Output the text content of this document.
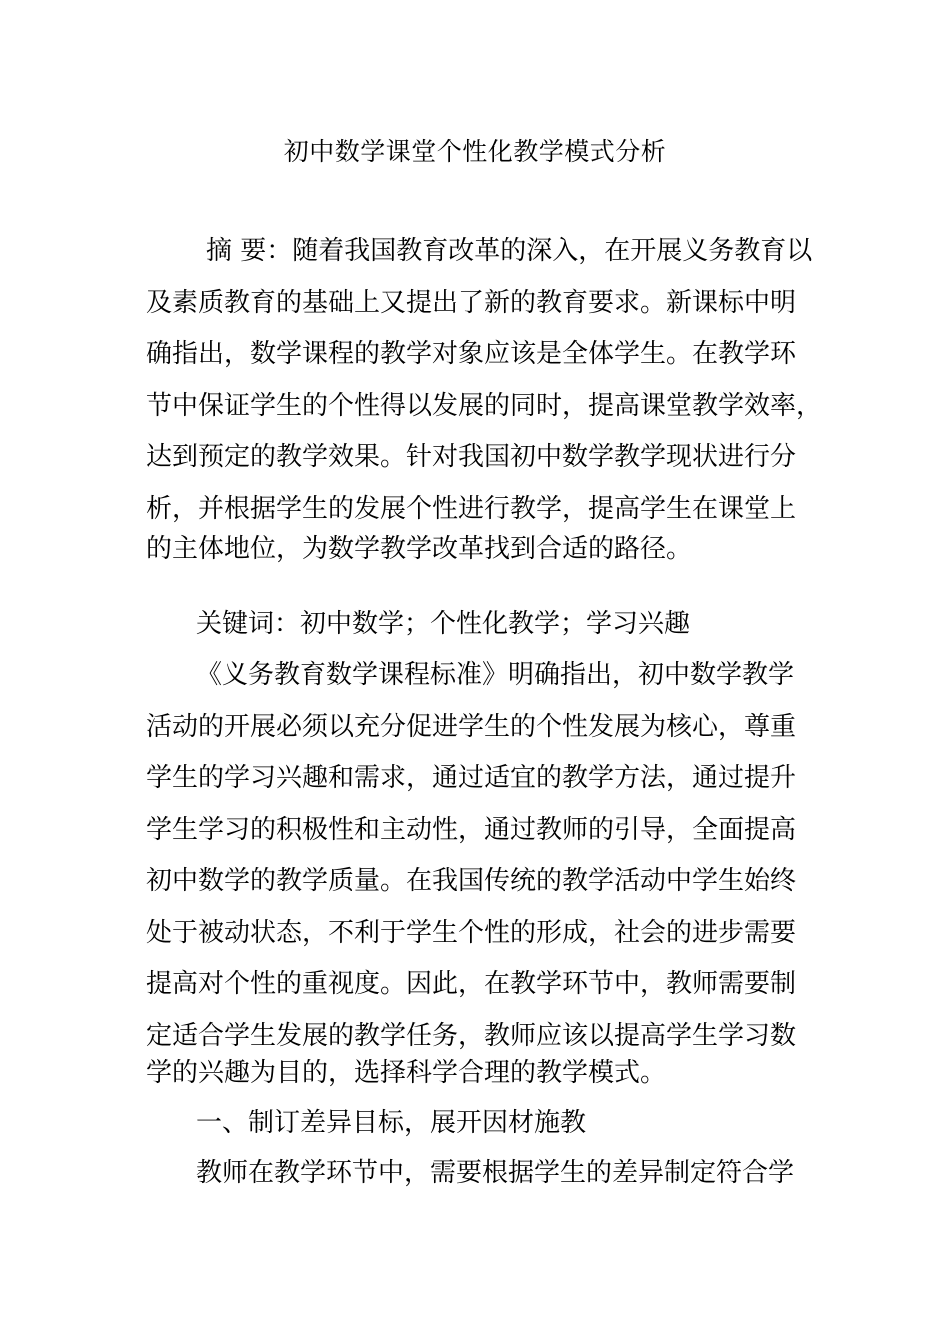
初中数学课堂个性化教学模式分析
摘 要：随着我国教育改革的深入，在开展义务教育以
及素质教育的基础上又提出了新的教育要求。新课标中明
确指出，数学课程的教学对象应该是全体学生。在教学环
节中保证学生的个性得以发展的同时，提高课堂教学效率，
达到预定的教学效果。针对我国初中数学教学现状进行分
析，并根据学生的发展个性进行教学，提高学生在课堂上
的主体地位，为数学教学改革找到合适的路径。
关键词：初中数学；个性化教学；学习兴趣
《义务教育数学课程标准》明确指出，初中数学教学
活动的开展必须以充分促进学生的个性发展为核心，尊重
学生的学习兴趣和需求，通过适宜的教学方法，通过提升
学生学习的积极性和主动性，通过教师的引导，全面提高
初中数学的教学质量。在我国传统的教学活动中学生始终
处于被动状态，不利于学生个性的形成，社会的进步需要
提高对个性的重视度。因此，在教学环节中，教师需要制
定适合学生发展的教学任务，教师应该以提高学生学习数
学的兴趣为目的，选择科学合理的教学模式。
一、制订差异目标，展开因材施教
教师在教学环节中，需要根据学生的差异制定符合学
